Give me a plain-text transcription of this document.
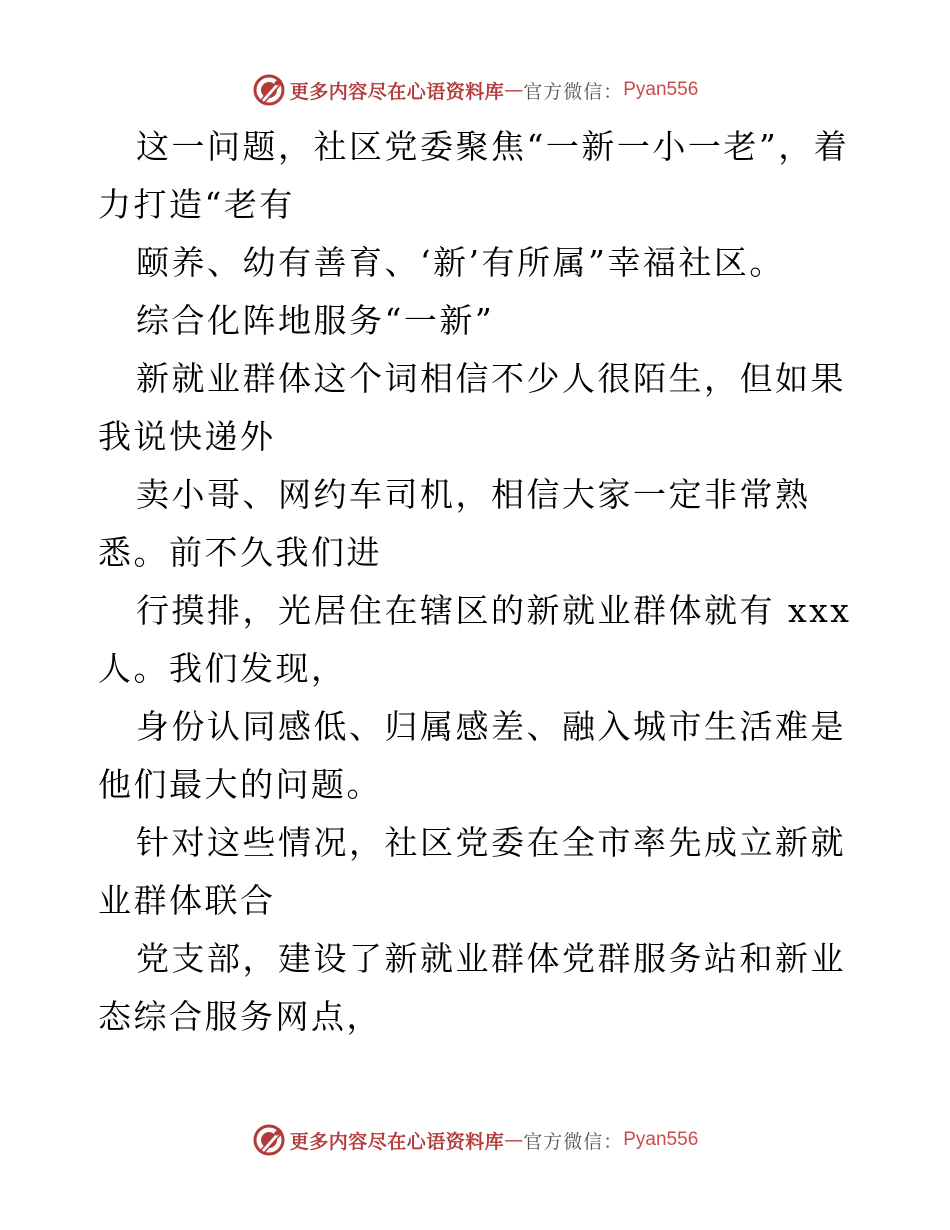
更多内容尽在心语资料库 — 官方微信： Pyan556

这一问题，社区党委聚焦“一新一小一老”，着力打造“老有

颐养、幼有善育、‘新’有所属”幸福社区。

综合化阵地服务“一新”

新就业群体这个词相信不少人很陌生，但如果我说快递外

卖小哥、网约车司机，相信大家一定非常熟悉。前不久我们进

行摸排，光居住在辖区的新就业群体就有 xxx 人。我们发现，

身份认同感低、归属感差、融入城市生活难是他们最大的问题。

针对这些情况，社区党委在全市率先成立新就业群体联合

党支部，建设了新就业群体党群服务站和新业态综合服务网点，

更多内容尽在心语资料库 — 官方微信： Pyan556
